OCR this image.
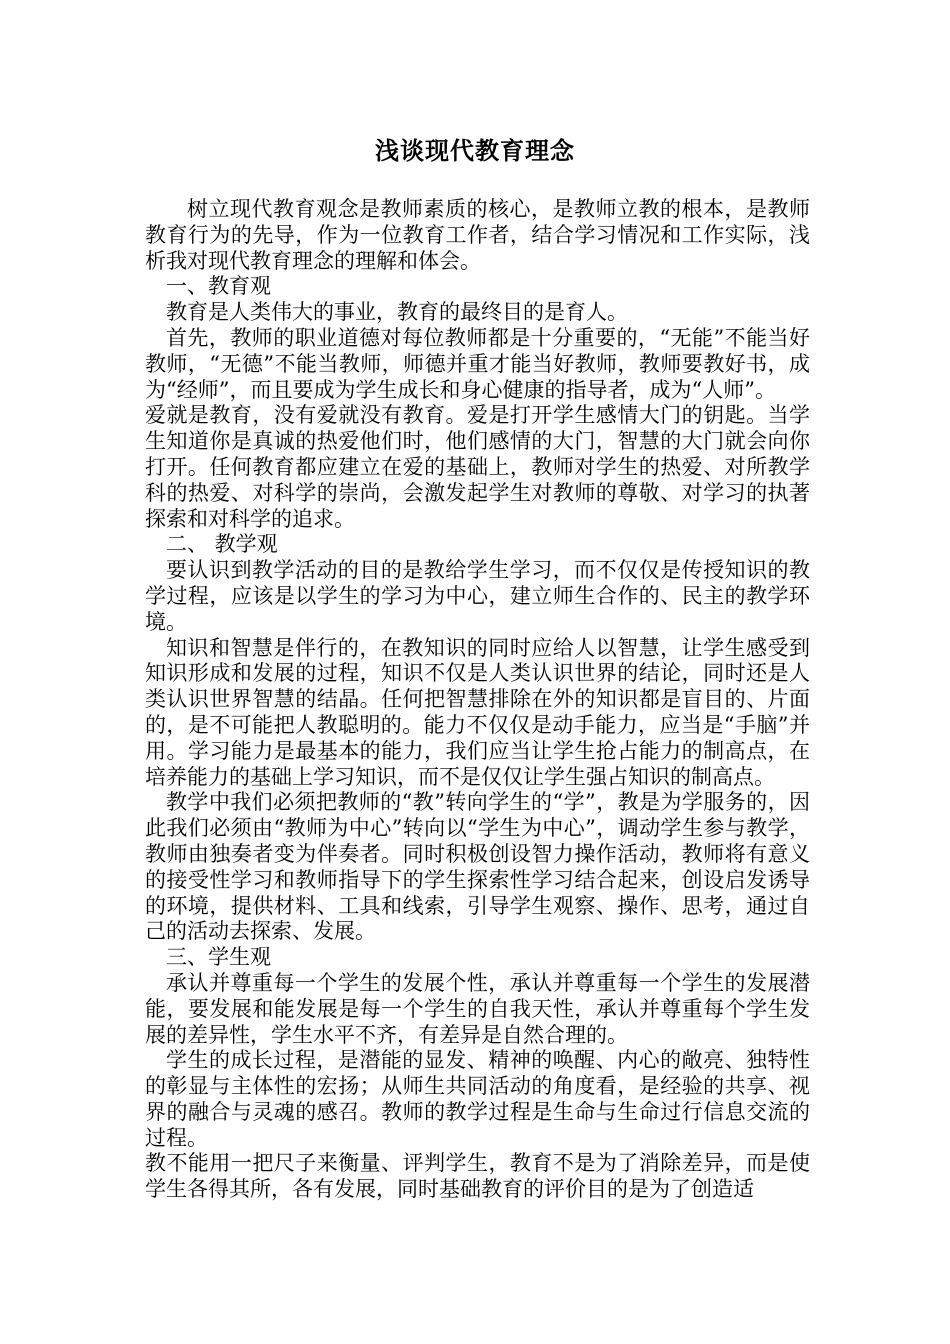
浅谈现代教育理念

树立现代教育观念是教师素质的核心，是教师立教的根本，是教师教育行为的先导，作为一位教育工作者，结合学习情况和工作实际，浅析我对现代教育理念的理解和体会。

一、教育观

教育是人类伟大的事业，教育的最终目的是育人。

首先，教师的职业道德对每位教师都是十分重要的，“无能”不能当好教师，“无德”不能当教师，师德并重才能当好教师，教师要教好书，成为“经师”，而且要成为学生成长和身心健康的指导者，成为“人师”。

爱就是教育，没有爱就没有教育。爱是打开学生感情大门的钥匙。当学生知道你是真诚的热爱他们时，他们感情的大门，智慧的大门就会向你打开。任何教育都应建立在爱的基础上，教师对学生的热爱、对所教学科的热爱、对科学的崇尚，会激发起学生对教师的尊敬、对学习的执著探索和对科学的追求。

二、 教学观

要认识到教学活动的目的是教给学生学习，而不仅仅是传授知识的教学过程，应该是以学生的学习为中心，建立师生合作的、民主的教学环境。

知识和智慧是伴行的，在教知识的同时应给人以智慧，让学生感受到知识形成和发展的过程，知识不仅是人类认识世界的结论，同时还是人类认识世界智慧的结晶。任何把智慧排除在外的知识都是盲目的、片面的，是不可能把人教聪明的。能力不仅仅是动手能力，应当是“手脑”并用。学习能力是最基本的能力，我们应当让学生抢占能力的制高点，在培养能力的基础上学习知识，而不是仅仅让学生强占知识的制高点。

教学中我们必须把教师的“教”转向学生的“学”，教是为学服务的，因此我们必须由“教师为中心”转向以“学生为中心”，调动学生参与教学，教师由独奏者变为伴奏者。同时积极创设智力操作活动，教师将有意义的接受性学习和教师指导下的学生探索性学习结合起来，创设启发诱导的环境，提供材料、工具和线索，引导学生观察、操作、思考，通过自己的活动去探索、发展。

三、学生观

承认并尊重每一个学生的发展个性，承认并尊重每一个学生的发展潜能，要发展和能发展是每一个学生的自我天性，承认并尊重每个学生发展的差异性，学生水平不齐，有差异是自然合理的。

学生的成长过程，是潜能的显发、精神的唤醒、内心的敞亮、独特性的彰显与主体性的宏扬；从师生共同活动的角度看，是经验的共享、视界的融合与灵魂的感召。教师的教学过程是生命与生命过行信息交流的过程。

教不能用一把尺子来衡量、评判学生，教育不是为了消除差异，而是使学生各得其所，各有发展，同时基础教育的评价目的是为了创造适
